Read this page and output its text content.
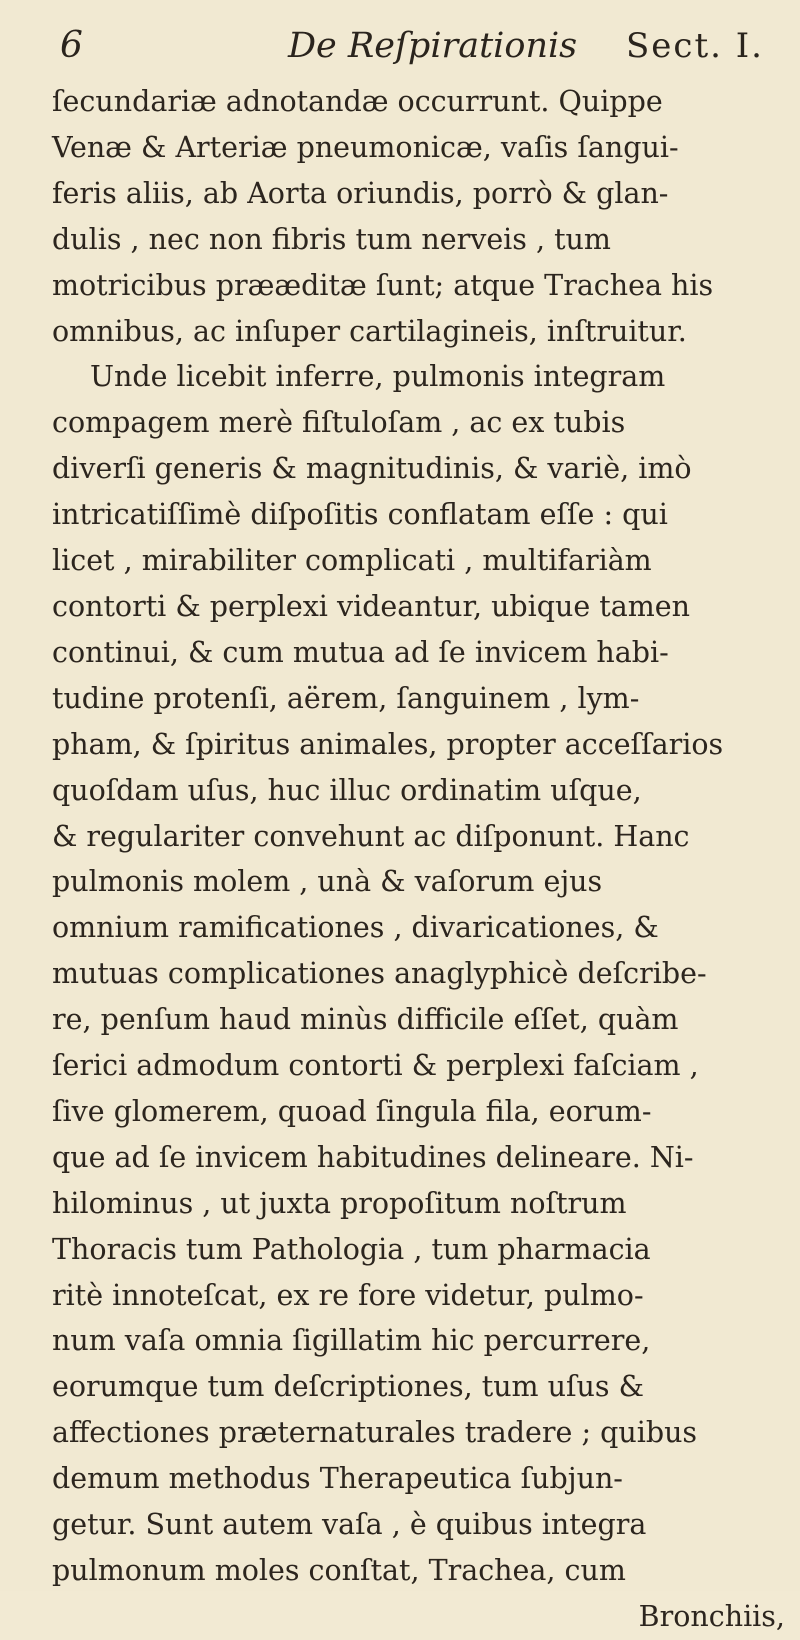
6	De Reſpirationis Sect. I.
ſecundariæ adnotandæ occurrunt. Quippe
Venæ & Arteriæ pneumonicæ, vaſis ſangui-
feris aliis, ab Aorta oriundis, porrò & glan-
dulis , nec non fibris tum nerveis , tum
motricibus prææditæ ſunt; atque Trachea his
omnibus, ac inſuper cartilagineis, inſtruitur.
Unde licebit inferre, pulmonis integram
compagem merè fiſtuloſam , ac ex tubis
diverſi generis & magnitudinis, & variè, imò
intricatiſſimè diſpoſitis conflatam eſſe : qui
licet , mirabiliter complicati , multifariàm
contorti & perplexi videantur, ubique tamen
continui, & cum mutua ad ſe invicem habi-
tudine protenſi, aërem, ſanguinem , lym-
pham, & ſpiritus animales, propter acceſſarios
quoſdam uſus, huc illuc ordinatim uſque,
& regulariter convehunt ac diſponunt. Hanc
pulmonis molem , unà & vaſorum ejus
omnium ramificationes , divaricationes, &
mutuas complicationes anaglyphicè deſcribe-
re, penſum haud minùs difficile eſſet, quàm
ſerici admodum contorti & perplexi faſciam ,
ſive glomerem, quoad ſingula fila, eorum-
que ad ſe invicem habitudines delineare. Ni-
hilominus , ut juxta propoſitum noſtrum
Thoracis tum Pathologia , tum pharmacia
ritè innoteſcat, ex re fore videtur, pulmo-
num vaſa omnia ſigillatim hic percurrere,
eorumque tum deſcriptiones, tum uſus &
affectiones præternaturales tradere ; quibus
demum methodus Therapeutica ſubjun-
getur. Sunt autem vaſa , è quibus integra
pulmonum moles conſtat, Trachea, cum
Bronchiis,
